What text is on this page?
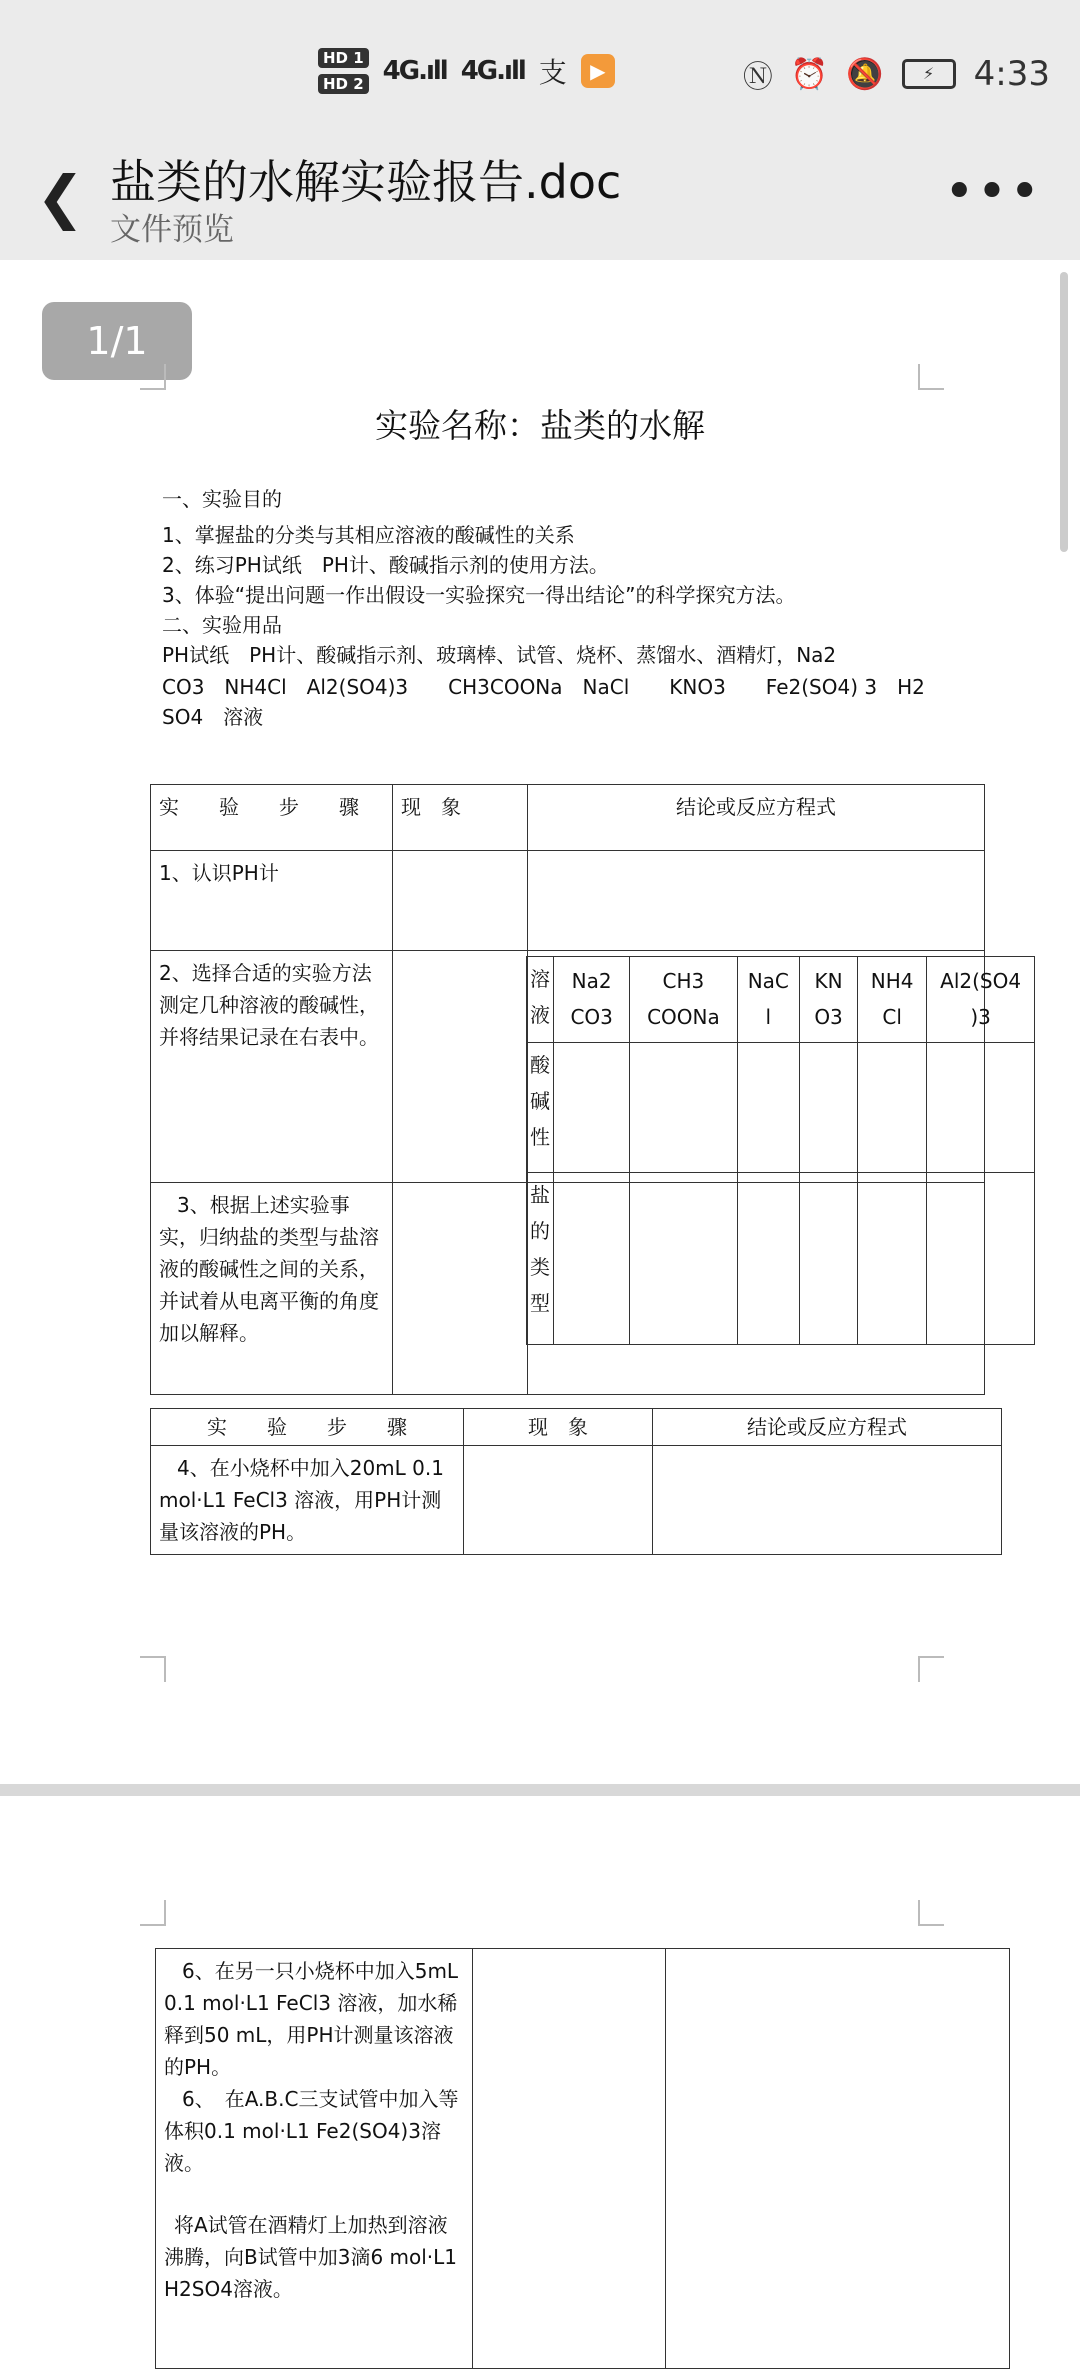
HD 1
HD 2 4G.ıll 4G.ıll 支	▶	Ⓝ ⏰ 🔕	⚡	4:33
❮ 盐类的水解实验报告.doc
文件预览
•••
1/1
实验名称：盐类的水解
一、实验目的
1、掌握盐的分类与其相应溶液的酸碱性的关系
2、练习PH试纸　PH计、酸碱指示剂的使用方法。
3、体验“提出问题一作出假设一实验探究一得出结论”的科学探究方法。
二、实验用品
PH试纸　PH计、酸碱指示剂、玻璃棒、试管、烧杯、蒸馏水、酒精灯，Na2
CO3　NH4Cl　Al2(SO4)3　　CH3COONa　NaCl　　KNO3　　Fe2(SO4) 3　H2
SO4　溶液
实　　验　　步　　骤	现　象	结论或反应方程式
1、认识PH计		
2、选择合适的实验方法测定几种溶液的酸碱性，并将结果记录在右表中。		
3、根据上述实验事实，归纳盐的类型与盐溶液的酸碱性之间的关系，并试着从电离平衡的角度加以解释。		
溶液	Na2 CO3	CH3 COONa	NaC l	KN O3	NH4 Cl	Al2(SO4 )3
酸碱性						
盐的类型						
实　　验　　步　　骤	现　象	结论或反应方程式
4、在小烧杯中加入20mL 0.1 mol·L1 FeCl3 溶液，用PH计测量该溶液的PH。		
6、在另一只小烧杯中加入5mL　0.1 mol·L1 FeCl3 溶液，加水稀释到50 mL，用PH计测量该溶液的PH。
6、　在A.B.C三支试管中加入等体积0.1 mol·L1 Fe2(SO4)3溶液。
将A试管在酒精灯上加热到溶液沸腾，向B试管中加3滴6 mol·L1 H2SO4溶液。
